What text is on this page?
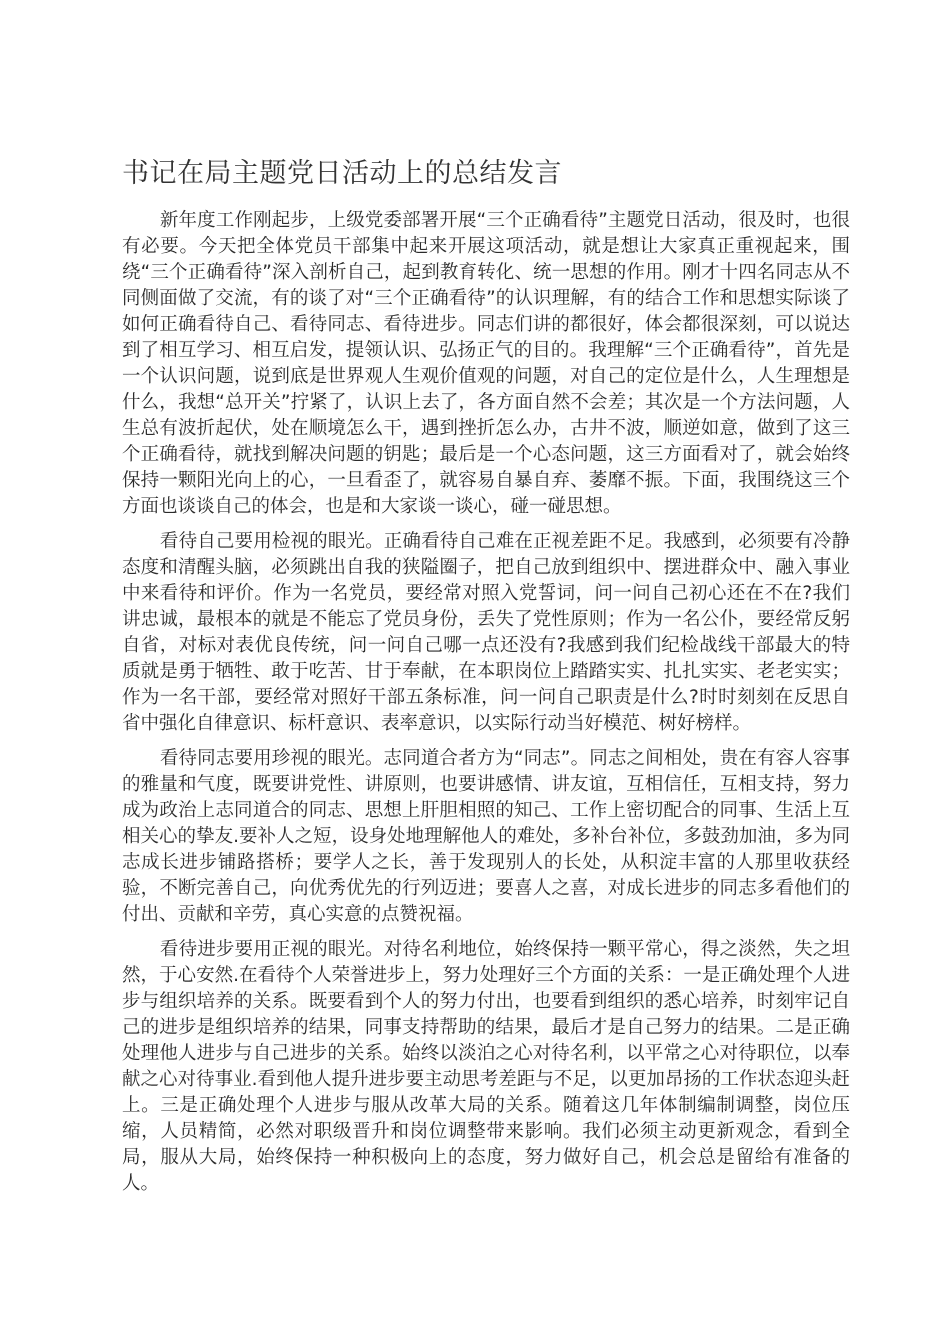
书记在局主题党日活动上的总结发言

新年度工作刚起步，上级党委部署开展“三个正确看待”主题党日活动，很及时，也很有必要。今天把全体党员干部集中起来开展这项活动，就是想让大家真正重视起来，围绕“三个正确看待”深入剖析自己，起到教育转化、统一思想的作用。刚才十四名同志从不同侧面做了交流，有的谈了对“三个正确看待”的认识理解，有的结合工作和思想实际谈了如何正确看待自己、看待同志、看待进步。同志们讲的都很好，体会都很深刻，可以说达到了相互学习、相互启发，提领认识、弘扬正气的目的。我理解“三个正确看待”，首先是一个认识问题，说到底是世界观人生观价值观的问题，对自己的定位是什么，人生理想是什么，我想“总开关”拧紧了，认识上去了，各方面自然不会差；其次是一个方法问题，人生总有波折起伏，处在顺境怎么干，遇到挫折怎么办，古井不波，顺逆如意，做到了这三个正确看待，就找到解决问题的钥匙；最后是一个心态问题，这三方面看对了，就会始终保持一颗阳光向上的心，一旦看歪了，就容易自暴自弃、萎靡不振。下面，我围绕这三个方面也谈谈自己的体会，也是和大家谈一谈心，碰一碰思想。

看待自己要用检视的眼光。正确看待自己难在正视差距不足。我感到，必须要有冷静态度和清醒头脑，必须跳出自我的狭隘圈子，把自己放到组织中、摆进群众中、融入事业中来看待和评价。作为一名党员，要经常对照入党誓词，问一问自己初心还在不在?我们讲忠诚，最根本的就是不能忘了党员身份，丢失了党性原则；作为一名公仆，要经常反躬自省，对标对表优良传统，问一问自己哪一点还没有?我感到我们纪检战线干部最大的特质就是勇于牺牲、敢于吃苦、甘于奉献，在本职岗位上踏踏实实、扎扎实实、老老实实；作为一名干部，要经常对照好干部五条标准，问一问自己职责是什么?时时刻刻在反思自省中强化自律意识、标杆意识、表率意识，以实际行动当好模范、树好榜样。

看待同志要用珍视的眼光。志同道合者方为“同志”。同志之间相处，贵在有容人容事的雅量和气度，既要讲党性、讲原则，也要讲感情、讲友谊，互相信任，互相支持，努力成为政治上志同道合的同志、思想上肝胆相照的知己、工作上密切配合的同事、生活上互相关心的挚友.要补人之短，设身处地理解他人的难处，多补台补位，多鼓劲加油，多为同志成长进步铺路搭桥；要学人之长，善于发现别人的长处，从积淀丰富的人那里收获经验，不断完善自己，向优秀优先的行列迈进；要喜人之喜，对成长进步的同志多看他们的付出、贡献和辛劳，真心实意的点赞祝福。

看待进步要用正视的眼光。对待名利地位，始终保持一颗平常心，得之淡然，失之坦然，于心安然.在看待个人荣誉进步上，努力处理好三个方面的关系：一是正确处理个人进步与组织培养的关系。既要看到个人的努力付出，也要看到组织的悉心培养，时刻牢记自己的进步是组织培养的结果，同事支持帮助的结果，最后才是自己努力的结果。二是正确处理他人进步与自己进步的关系。始终以淡泊之心对待名利，以平常之心对待职位，以奉献之心对待事业.看到他人提升进步要主动思考差距与不足，以更加昂扬的工作状态迎头赶上。三是正确处理个人进步与服从改革大局的关系。随着这几年体制编制调整，岗位压缩，人员精简，必然对职级晋升和岗位调整带来影响。我们必须主动更新观念，看到全局，服从大局，始终保持一种积极向上的态度，努力做好自己，机会总是留给有准备的人。
